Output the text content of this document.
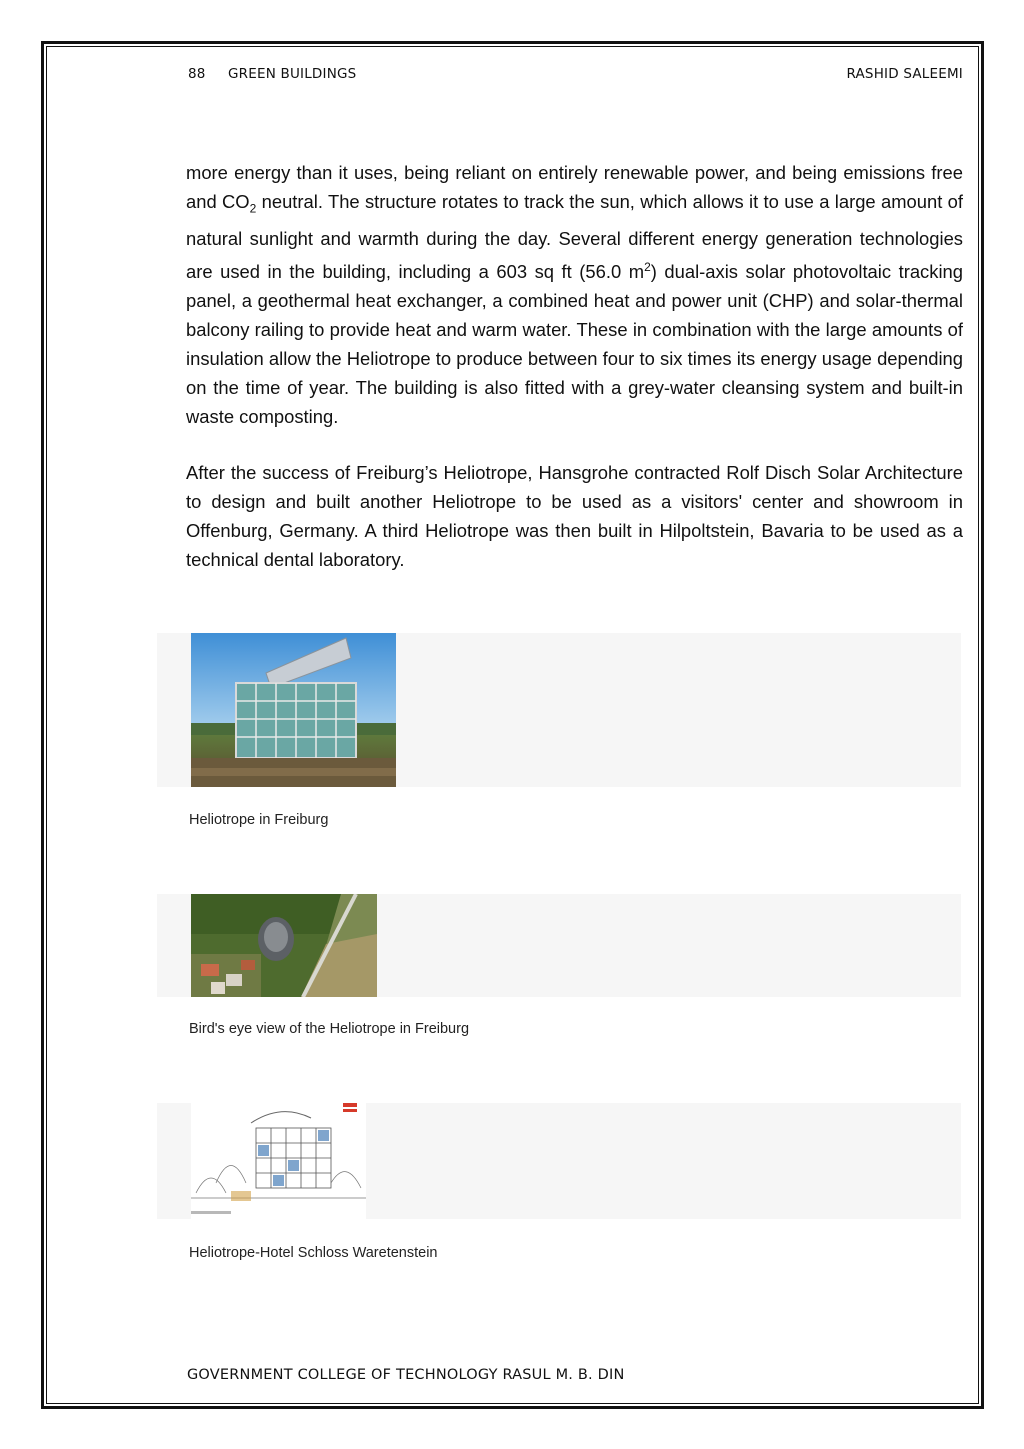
88 GREEN BUILDINGS	RASHID SALEEMI

more energy than it uses, being reliant on entirely renewable power, and being emissions free and $CO_2$ neutral. The structure rotates to track the sun, which allows it to use a large amount of natural sunlight and warmth during the day. Several different energy generation technologies are used in the building, including a 603 sq ft (56.0 $m^2$) dual-axis solar photovoltaic tracking panel, a geothermal heat exchanger, a combined heat and power unit (CHP) and solar-thermal balcony railing to provide heat and warm water. These in combination with the large amounts of insulation allow the Heliotrope to produce between four to six times its energy usage depending on the time of year. The building is also fitted with a grey-water cleansing system and built-in waste composting.

After the success of Freiburg’s Heliotrope, Hansgrohe contracted Rolf Disch Solar Architecture to design and built another Heliotrope to be used as a visitors' center and showroom in Offenburg, Germany. A third Heliotrope was then built in Hilpoltstein, Bavaria to be used as a technical dental laboratory.

Heliotrope in Freiburg
Bird's eye view of the Heliotrope in Freiburg
Heliotrope-Hotel Schloss Waretenstein
GOVERNMENT COLLEGE OF TECHNOLOGY RASUL M. B. DIN
